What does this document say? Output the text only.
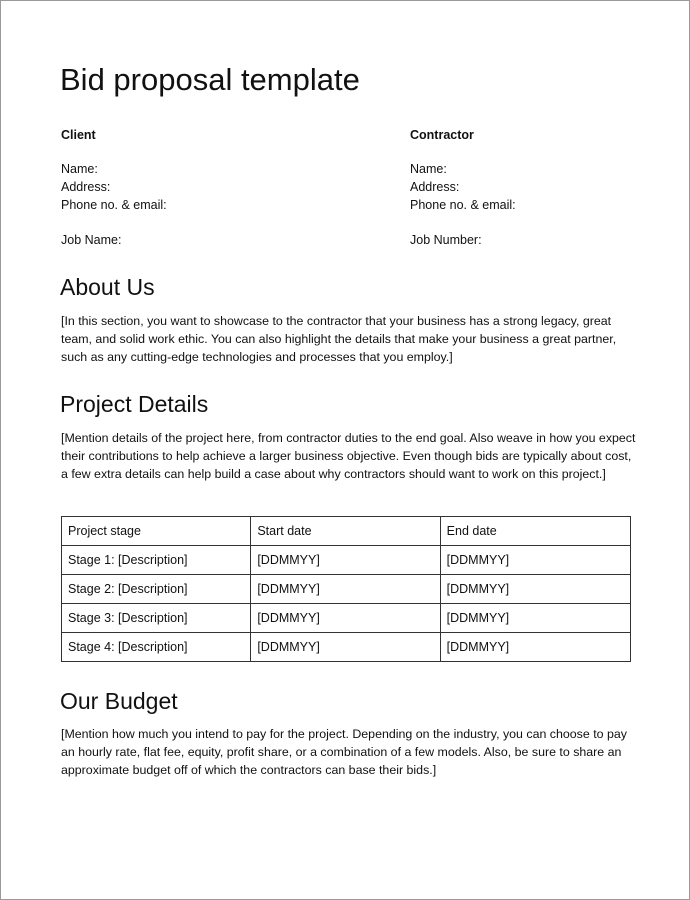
Bid proposal template
Client
Name:
Address:
Phone no. & email:
Job Name:
Contractor
Name:
Address:
Phone no. & email:
Job Number:
About Us

[In this section, you want to showcase to the contractor that your business has a strong legacy, great team, and solid work ethic. You can also highlight the details that make your business a great partner, such as any cutting-edge technologies and processes that you employ.]

Project Details

[Mention details of the project here, from contractor duties to the end goal. Also weave in how you expect their contributions to help achieve a larger business objective. Even though bids are typically about cost, a few extra details can help build a case about why contractors should want to work on this project.]

Project stage	Start date	End date
Stage 1: [Description]	[DDMMYY]	[DDMMYY]
Stage 2: [Description]	[DDMMYY]	[DDMMYY]
Stage 3: [Description]	[DDMMYY]	[DDMMYY]
Stage 4: [Description]	[DDMMYY]	[DDMMYY]
Our Budget

[Mention how much you intend to pay for the project. Depending on the industry, you can choose to pay an hourly rate, flat fee, equity, profit share, or a combination of a few models. Also, be sure to share an approximate budget off of which the contractors can base their bids.]
